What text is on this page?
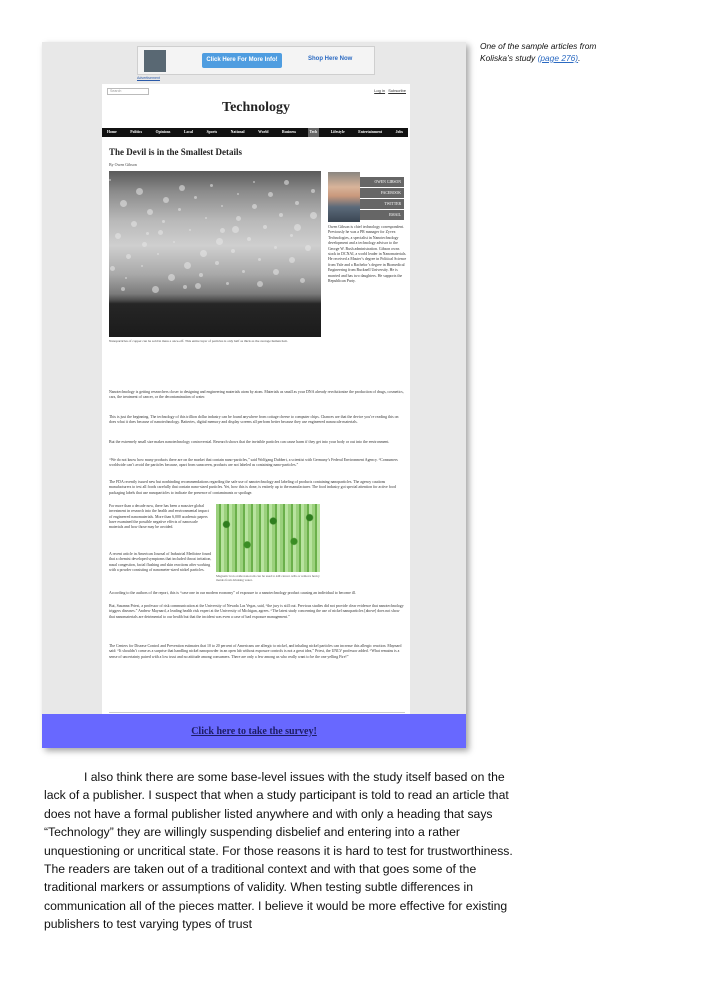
One of the sample articles from Koliska’s study (page 276).
Click Here For More Info!	Shop Here Now
Advertisement
Search	Log in Subscribe
Technology
Home	Politics	Opinions	Local	Sports	National	World	Business	Tech	Lifestyle	Entertainment	Jobs
The Devil is in the Smallest Details
By Owen Gibson
Nanoparticles of copper can be sold in mass a once-off. This entire layer of particles is only half as thick as the average human hair.
OWEN GIBSON
FACEBOOK
TWITTER
EMAIL
Owen Gibson is chief technology correspondent. Previously he was a PR manager for Zyvex Technologies, a specialist in Nanotechnology development and a technology advisor to the George W. Bush administration. Gibson owns stock in DCNAI, a world leader in Nanomaterials. He received a Master’s degree in Political Science from Yale and a Bachelor’s degree in Biomedical Engineering from Bucknell University. He is married and has two daughters. He supports the Republican Party.
Nanotechnology is getting researchers closer to designing and engineering materials atom by atom. Materials as small as your DNA already revolutionize the production of drugs, cosmetics, cars, the treatment of cancer, or the decontamination of water.
This is just the beginning. The technology of this trillion dollar industry can be found anywhere from cottage cheese to computer chips. Chances are that the device you’re reading this on does what it does because of nanotechnology. Batteries, digital memory and display screens all perform better because they use engineered nanoscale materials.
But the extremely small size makes nanotechnology controversial. Research shows that the invisible particles can cause harm if they get into your body or out into the environment.
“We do not know how many products there are on the market that contain nano-particles,” said Wolfgang Dubbert, a scientist with Germany’s Federal Environment Agency. “Consumers worldwide can’t avoid the particles because, apart from sunscreen, products are not labeled as containing nano-particles.”
The FDA recently issued new but nonbinding recommendations regarding the safe use of nanotechnology and labeling of products containing nanoparticles. The agency cautions manufacturers to test all foods carefully that contain nano-sized particles. Yet, how this is done, is entirely up to the manufacturer. The food industry got special attention for active food packaging labels that use nanoparticles to indicate the presence of contaminants or spoilage.
For more than a decade now, there has been a massive global investment in research into the health and environmental impact of engineered nanomaterials. More than 6,000 academic papers have examined the possible negative effects of nanoscale materials and how those may be avoided.
A recent article in American Journal of Industrial Medicine found that a chemist developed symptoms that included throat irritation, nasal congestion, facial flushing and skin reactions after working with a powder consisting of nanometer-sized nickel particles.
Magnetic iron oxide nanorods can be used to kill cancer cells or remove heavy metals from drinking water.
According to the authors of the report, this is “case one in our modern economy” of exposure to a nanotechnology product causing an individual to become ill.
But, Susanna Priest, a professor of risk communication at the University of Nevada Las Vegas, said, “the jury is still out. Previous studies did not provide clear evidence that nanotechnology triggers diseases.” Andrew Maynard, a leading health risk expert at the University of Michigan, agrees. “The latest study concerning the use of nickel nanoparticles [above] does not show that nanomaterials are detrimental to our health but that the incident was even a case of bad exposure management.”
The Centers for Disease Control and Prevention estimates that 10 to 20 percent of Americans are allergic to nickel, and inhaling nickel particles can increase this allergic reaction. Maynard said: “It shouldn’t come as a surprise that handling nickel nanopowder in an open lab without exposure controls is not a great idea,” Priest, the UNLV professor added. “What remains is a sense of uncertainty paired with a low trust and no attitude among consumers. There are only a few among us who really want to be the one yelling Fire!”
Click here to take the survey!
I also think there are some base-level issues with the study itself based on the lack of a publisher. I suspect that when a study participant is told to read an article that does not have a formal publisher listed anywhere and with only a heading that says “Technology” they are willingly suspending disbelief and entering into a rather unquestioning or uncritical state. For those reasons it is hard to test for trustworthiness. The readers are taken out of a traditional context and with that goes some of the traditional markers or assumptions of validity. When testing subtle differences in communication all of the pieces matter. I believe it would be more effective for existing publishers to test varying types of trust
